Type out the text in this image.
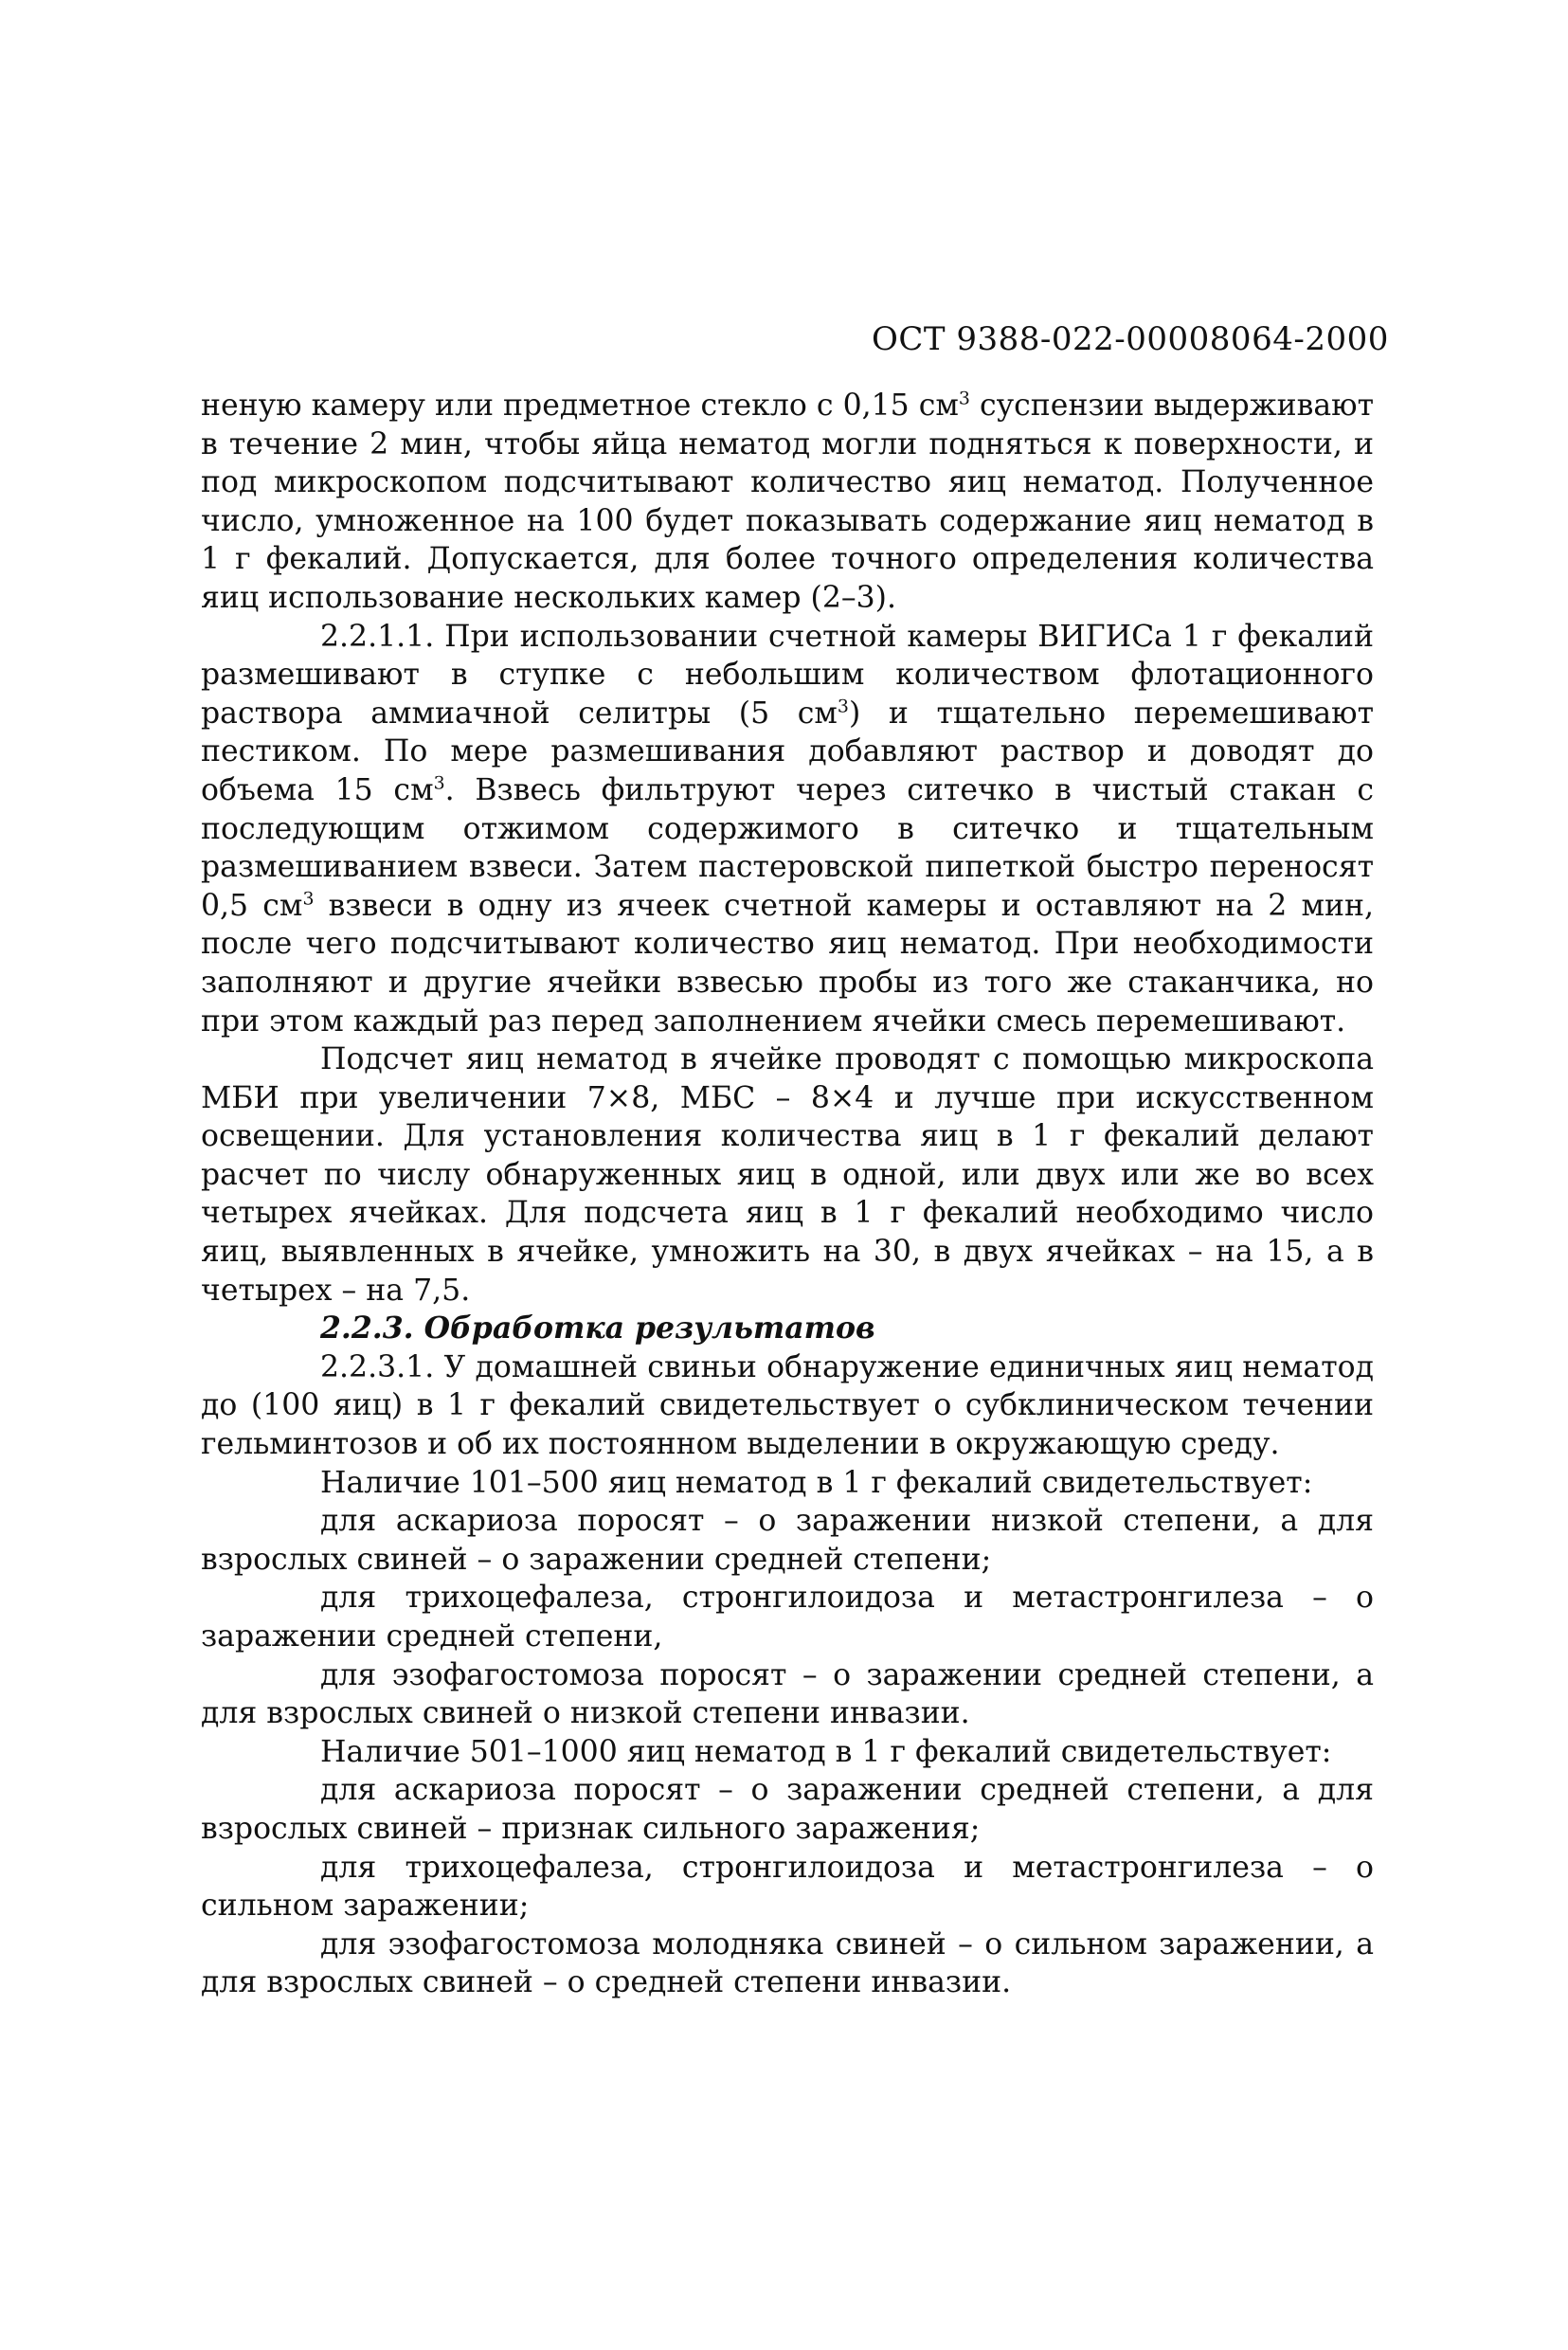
ОСТ 9388-022-00008064-2000

неную камеру или предметное стекло с 0,15 $см^3$ суспензии выдерживают в течение 2 мин, чтобы яйца нематод могли подняться к поверхности, и под микроскопом подсчитывают количество яиц нематод. Полученное число, умноженное на 100 будет показывать содержание яиц нематод в 1 г фекалий. Допускается, для более точного определения количества яиц использование нескольких камер (2–3).

2.2.1.1. При использовании счетной камеры ВИГИСа 1 г фекалий размешивают в ступке с небольшим количеством флотационного раствора аммиачной селитры (5 $см^3$) и тщательно перемешивают пестиком. По мере размешивания добавляют раствор и доводят до объема 15 $см^3$. Взвесь фильтруют через ситечко в чистый стакан с последующим отжимом содержимого в ситечко и тщательным размешиванием взвеси. Затем пастеровской пипеткой быстро переносят 0,5 $см^3$ взвеси в одну из ячеек счетной камеры и оставляют на 2 мин, после чего подсчитывают количество яиц нематод. При необходимости заполняют и другие ячейки взвесью пробы из того же стаканчика, но при этом каждый раз перед заполнением ячейки смесь перемешивают.

Подсчет яиц нематод в ячейке проводят с помощью микроскопа МБИ при увеличении 7×8, МБС – 8×4 и лучше при искусственном освещении. Для установления количества яиц в 1 г фекалий делают расчет по числу обнаруженных яиц в одной, или двух или же во всех четырех ячейках. Для подсчета яиц в 1 г фекалий необходимо число яиц, выявленных в ячейке, умножить на 30, в двух ячейках – на 15, а в четырех – на 7,5.

2.2.3. Обработка результатов

2.2.3.1. У домашней свиньи обнаружение единичных яиц нематод до (100 яиц) в 1 г фекалий свидетельствует о субклиническом течении гельминтозов и об их постоянном выделении в окружающую среду.

Наличие 101–500 яиц нематод в 1 г фекалий свидетельствует:

для аскариоза поросят – о заражении низкой степени, а для взрослых свиней – о заражении средней степени;

для трихоцефалеза, стронгилоидоза и метастронгилеза – о заражении средней степени,

для эзофагостомоза поросят – о заражении средней степени, а для взрослых свиней о низкой степени инвазии.

Наличие 501–1000 яиц нематод в 1 г фекалий свидетельствует:

для аскариоза поросят – о заражении средней степени, а для взрослых свиней – признак сильного заражения;

для трихоцефалеза, стронгилоидоза и метастронгилеза – о сильном заражении;

для эзофагостомоза молодняка свиней – о сильном заражении, а для взрослых свиней – о средней степени инвазии.
